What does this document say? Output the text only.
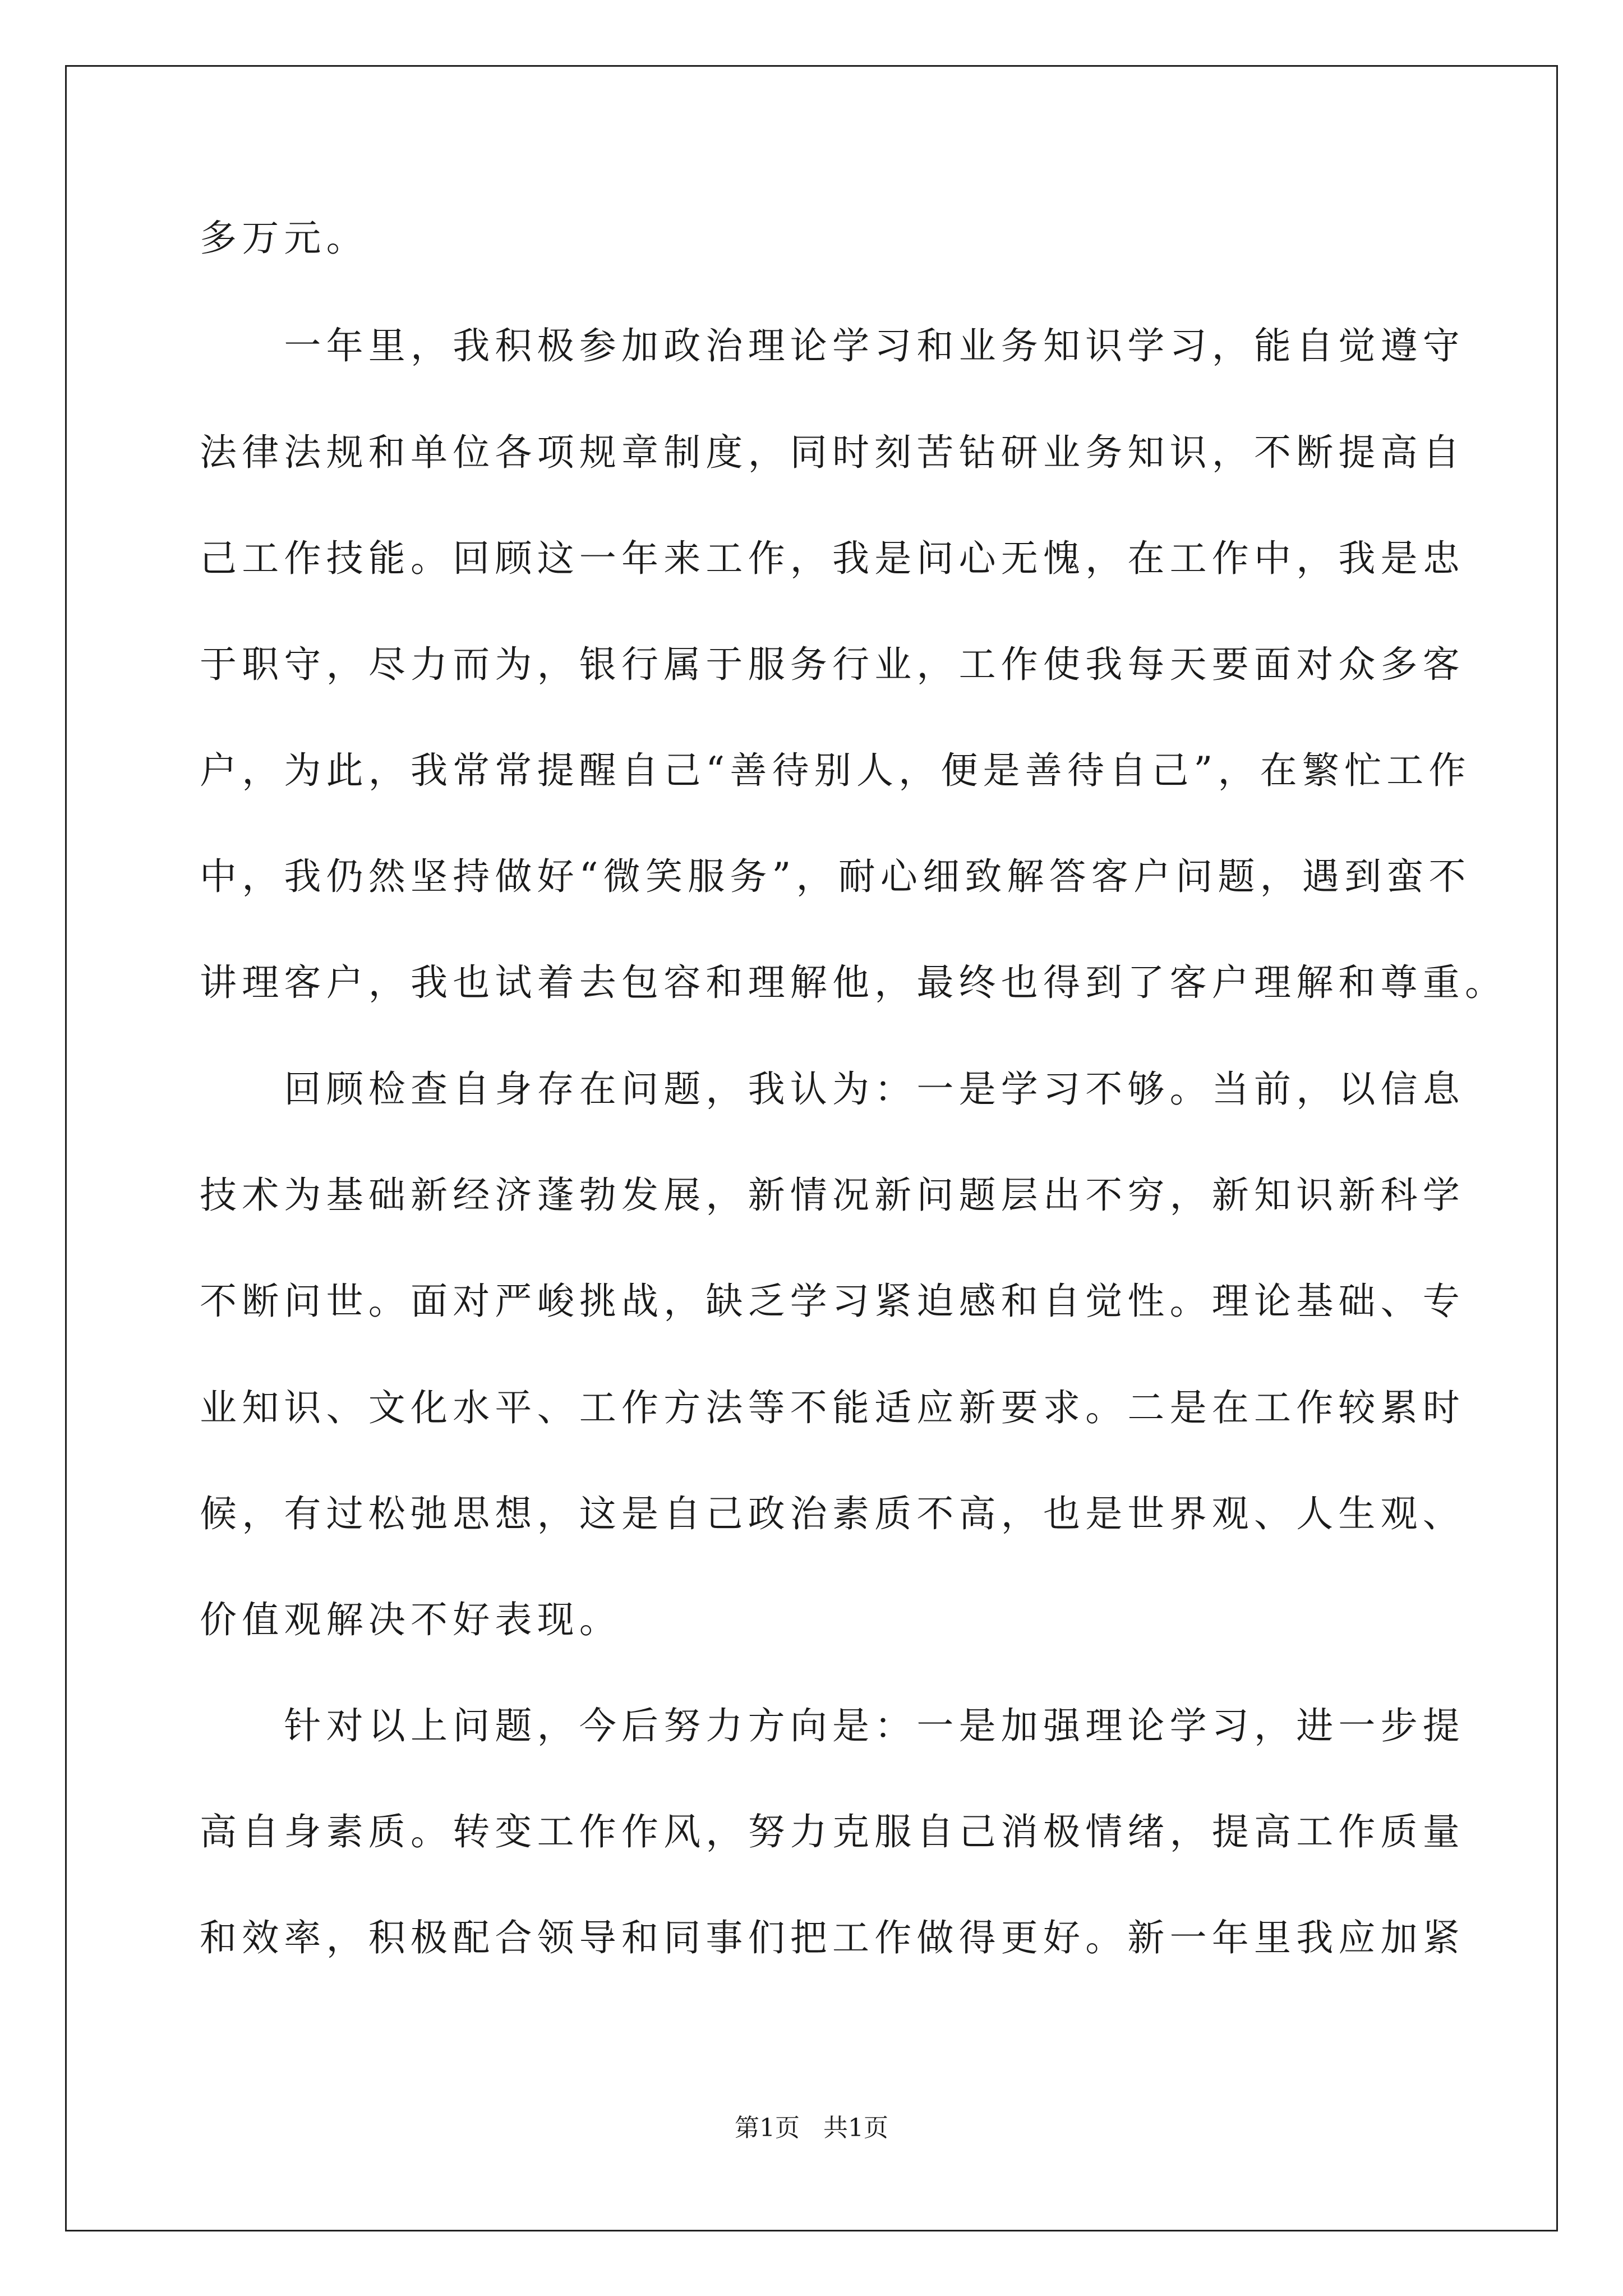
多万元。
　　一年里，我积极参加政治理论学习和业务知识学习，能自觉遵守
法律法规和单位各项规章制度，同时刻苦钻研业务知识，不断提高自
己工作技能。回顾这一年来工作，我是问心无愧，在工作中，我是忠
于职守，尽力而为，银行属于服务行业，工作使我每天要面对众多客
户，为此，我常常提醒自己“善待别人，便是善待自己”，在繁忙工作
中，我仍然坚持做好“微笑服务”，耐心细致解答客户问题，遇到蛮不
讲理客户，我也试着去包容和理解他，最终也得到了客户理解和尊重。
　　回顾检查自身存在问题，我认为：一是学习不够。当前，以信息
技术为基础新经济蓬勃发展，新情况新问题层出不穷，新知识新科学
不断问世。面对严峻挑战，缺乏学习紧迫感和自觉性。理论基础、专
业知识、文化水平、工作方法等不能适应新要求。二是在工作较累时
候，有过松弛思想，这是自己政治素质不高，也是世界观、人生观、
价值观解决不好表现。
　　针对以上问题，今后努力方向是：一是加强理论学习，进一步提
高自身素质。转变工作作风，努力克服自己消极情绪，提高工作质量
和效率，积极配合领导和同事们把工作做得更好。新一年里我应加紧
第1页   共1页
